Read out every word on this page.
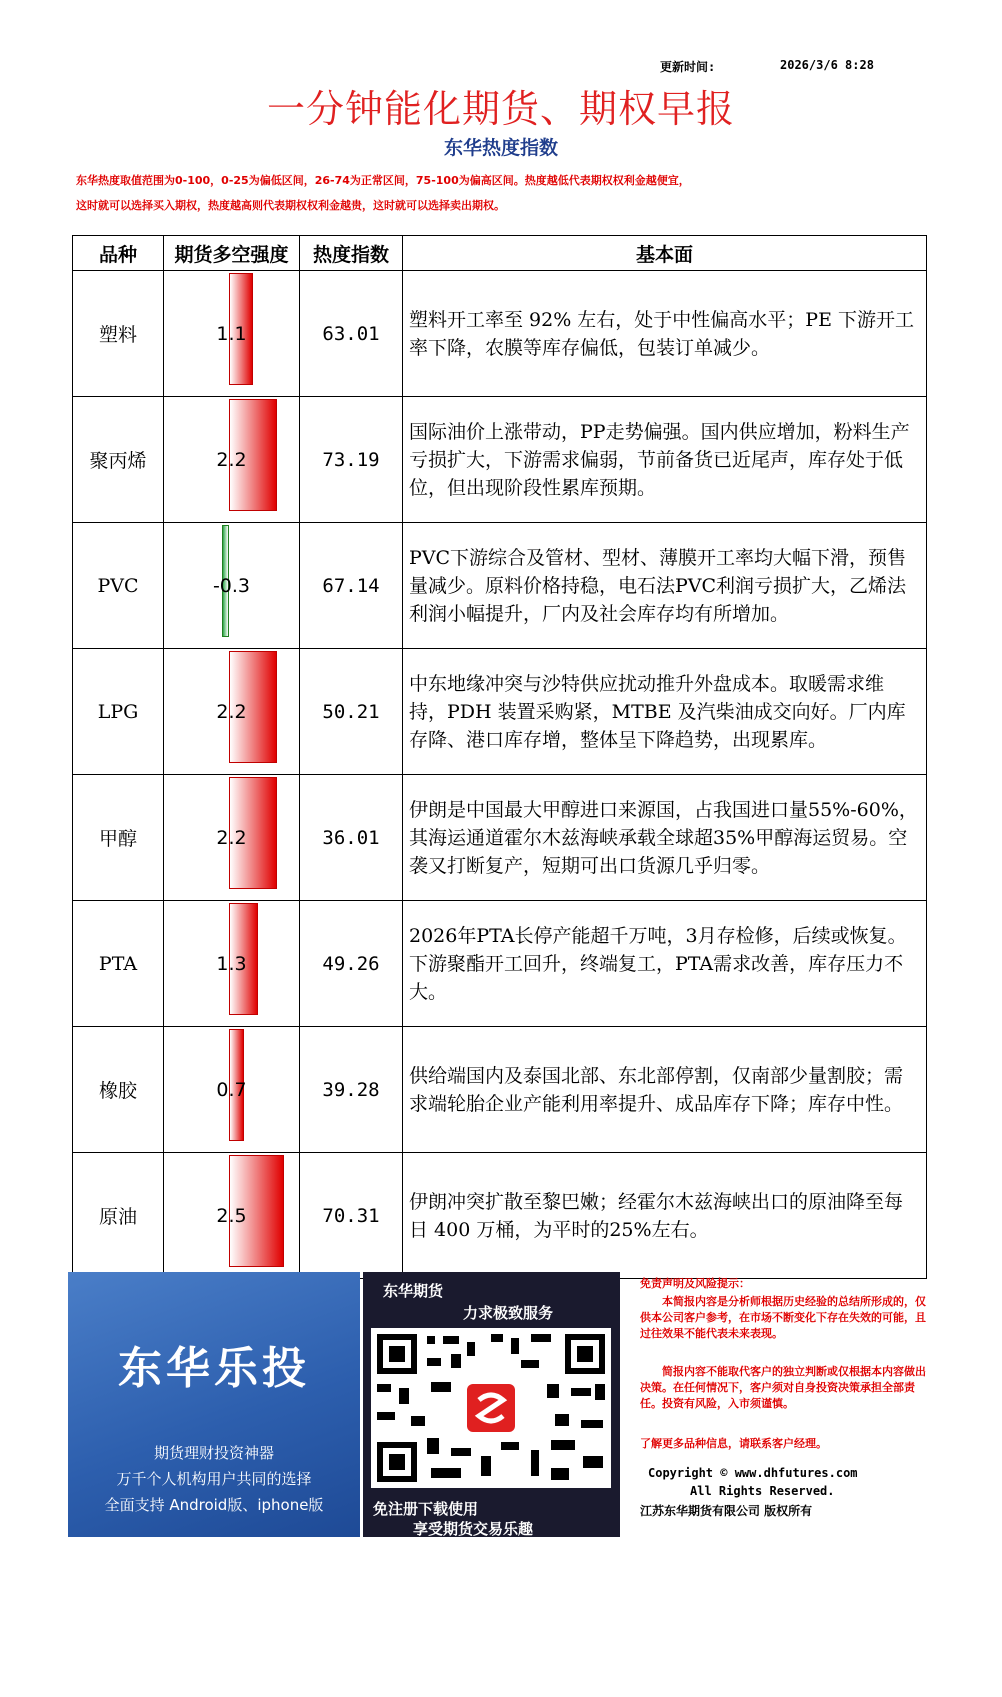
更新时间:	2026/3/6 8:28
一分钟能化期货、期权早报
东华热度指数
东华热度取值范围为0-100，0-25为偏低区间，26-74为正常区间，75-100为偏高区间。热度越低代表期权权利金越便宜，
这时就可以选择买入期权，热度越高则代表期权权利金越贵，这时就可以选择卖出期权。
品种	期货多空强度	热度指数	基本面
塑料	1.1	63.01	塑料开工率至 92% 左右，处于中性偏高水平；PE 下游开工率下降，农膜等库存偏低，包装订单减少。
聚丙烯	2.2	73.19	国际油价上涨带动，PP走势偏强。国内供应增加，粉料生产亏损扩大，下游需求偏弱，节前备货已近尾声，库存处于低位，但出现阶段性累库预期。
PVC	-0.3	67.14	PVC下游综合及管材、型材、薄膜开工率均大幅下滑，预售量减少。原料价格持稳，电石法PVC利润亏损扩大，乙烯法利润小幅提升，厂内及社会库存均有所增加。
LPG	2.2	50.21	中东地缘冲突与沙特供应扰动推升外盘成本。取暖需求维持，PDH 装置采购紧，MTBE 及汽柴油成交向好。厂内库存降、港口库存增，整体呈下降趋势，出现累库。
甲醇	2.2	36.01	伊朗是中国最大甲醇进口来源国，占我国进口量55%-60%，其海运通道霍尔木兹海峡承载全球超35%甲醇海运贸易。空袭又打断复产，短期可出口货源几乎归零。
PTA	1.3	49.26	2026年PTA长停产能超千万吨，3月存检修，后续或恢复。下游聚酯开工回升，终端复工，PTA需求改善，库存压力不大。
橡胶	0.7	39.28	供给端国内及泰国北部、东北部停割，仅南部少量割胶；需求端轮胎企业产能利用率提升、成品库存下降；库存中性。
原油	2.5	70.31	伊朗冲突扩散至黎巴嫩；经霍尔木兹海峡出口的原油降至每日 400 万桶，为平时的25%左右。
东华乐投
期货理财投资神器
万千个人机构用户共同的选择
全面支持 Android版、iphone版
东华期货
力求极致服务
免注册下载使用
享受期货交易乐趣
免责声明及风险提示：
本简报内容是分析师根据历史经验的总结所形成的，仅供本公司客户参考，在市场不断变化下存在失效的可能，且过往效果不能代表未来表现。
简报内容不能取代客户的独立判断或仅根据本内容做出决策。在任何情况下，客户须对自身投资决策承担全部责任。投资有风险，入市须谨慎。
了解更多品种信息，请联系客户经理。
Copyright © www.dhfutures.com
All Rights Reserved.
江苏东华期货有限公司 版权所有
